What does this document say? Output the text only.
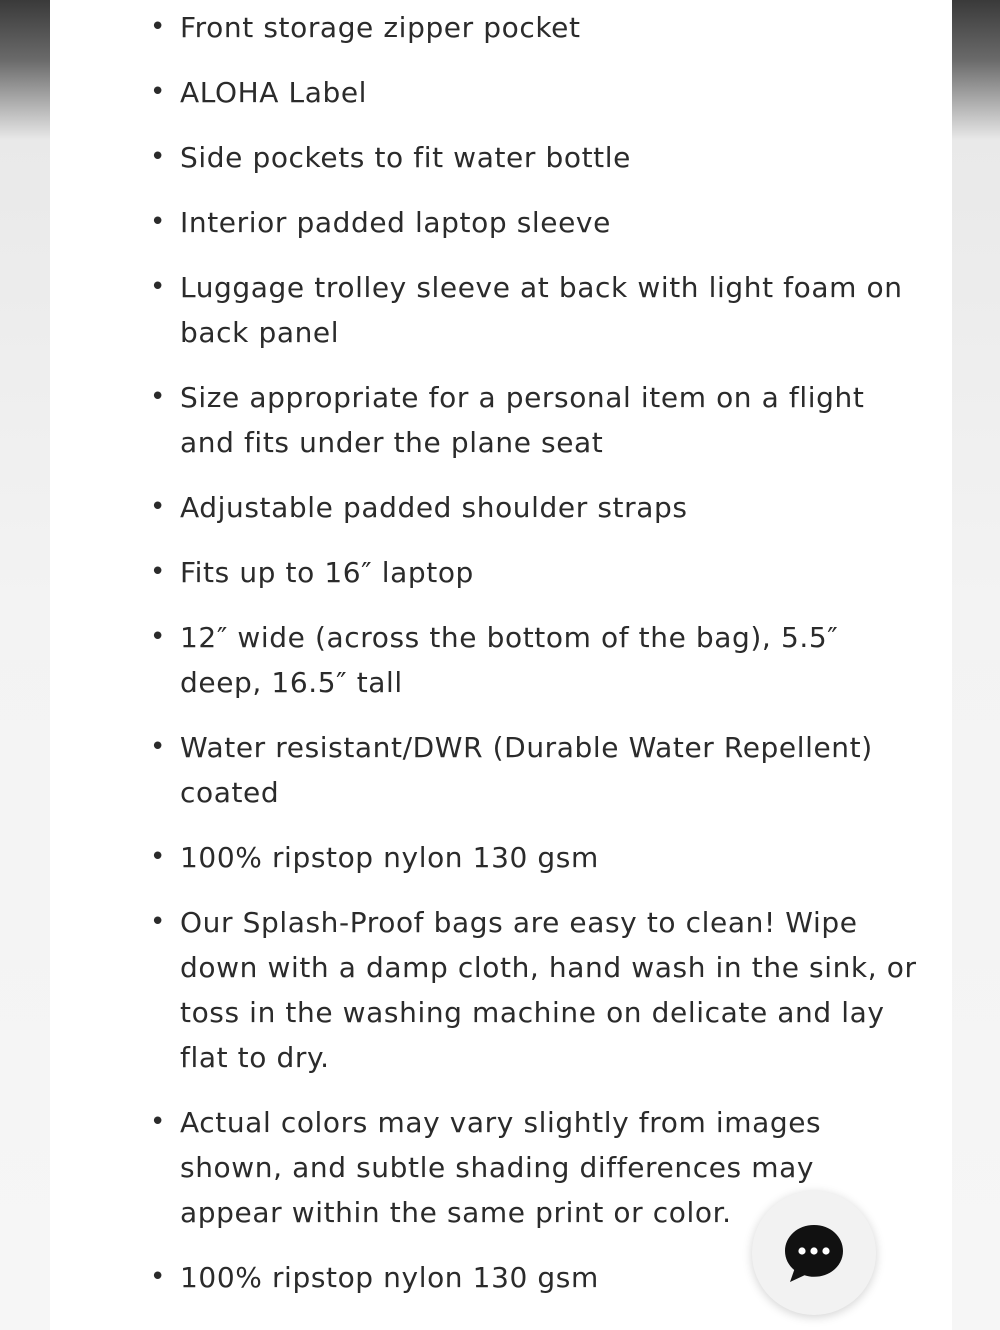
• Front storage zipper pocket
• ALOHA Label
• Side pockets to fit water bottle
• Interior padded laptop sleeve
• Luggage trolley sleeve at back with light foam on back panel
• Size appropriate for a personal item on a flight and fits under the plane seat
• Adjustable padded shoulder straps
• Fits up to 16″ laptop
• 12″ wide (across the bottom of the bag), 5.5″ deep, 16.5″ tall
• Water resistant/DWR (Durable Water Repellent) coated
• 100% ripstop nylon 130 gsm
• Our Splash-Proof bags are easy to clean! Wipe down with a damp cloth, hand wash in the sink, or toss in the washing machine on delicate and lay flat to dry.
• Actual colors may vary slightly from images shown, and subtle shading differences may appear within the same print or color.
• 100% ripstop nylon 130 gsm
